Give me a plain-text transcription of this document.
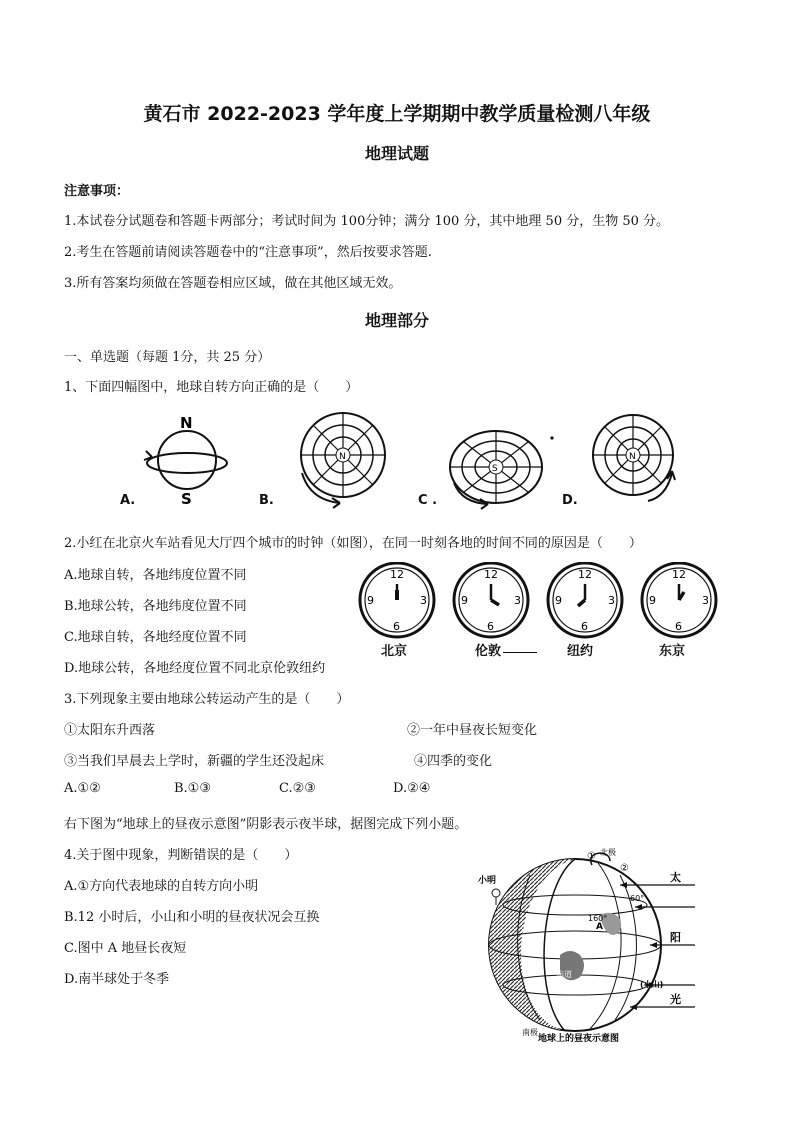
黄石市 2022-2023 学年度上学期期中教学质量检测八年级
地理试题
注意事项：
1.本试卷分试题卷和答题卡两部分；考试时间为 100分钟；满分 100 分，其中地理 50 分，生物 50 分。
2.考生在答题前请阅读答题卷中的“注意事项”，然后按要求答题.
3.所有答案均须做在答题卷相应区域，做在其他区域无效。
地理部分
一、单选题（每题 1分，共 25 分）
1、下面四幅图中，地球自转方向正确的是（　　）
N
S
N
S
N
A.	B.	C .	D.
2.小红在北京火车站看见大厅四个城市的时钟（如图），在同一时刻各地的时间不同的原因是（　　）
A.地球自转，各地纬度位置不同
B.地球公转，各地纬度位置不同
C.地球自转，各地经度位置不同
D.地球公转，各地经度位置不同北京伦敦纽约
12
3
6
9
12
3
6
9
12
3
6
9
12
3
6
9
北京	伦敦	纽约	东京
3.下列现象主要由地球公转运动产生的是（　　）
①太阳东升西落	②一年中昼夜长短变化
③当我们早晨去上学时，新疆的学生还没起床	④四季的变化
A.①②	B.①③	C.②③	D.②④
右下图为“地球上的昼夜示意图”阴影表示夜半球，据图完成下列小题。
4.关于图中现象，判断错误的是（　　）
A.①方向代表地球的自转方向小明
B.12 小时后，小山和小明的昼夜状况会互换
C.图中 A 地昼长夜短
D.南半球处于冬季
太
阳
光
①
②
北极
南极
赤道
小明
(小山)
A
160°
60°
地球上的昼夜示意图
